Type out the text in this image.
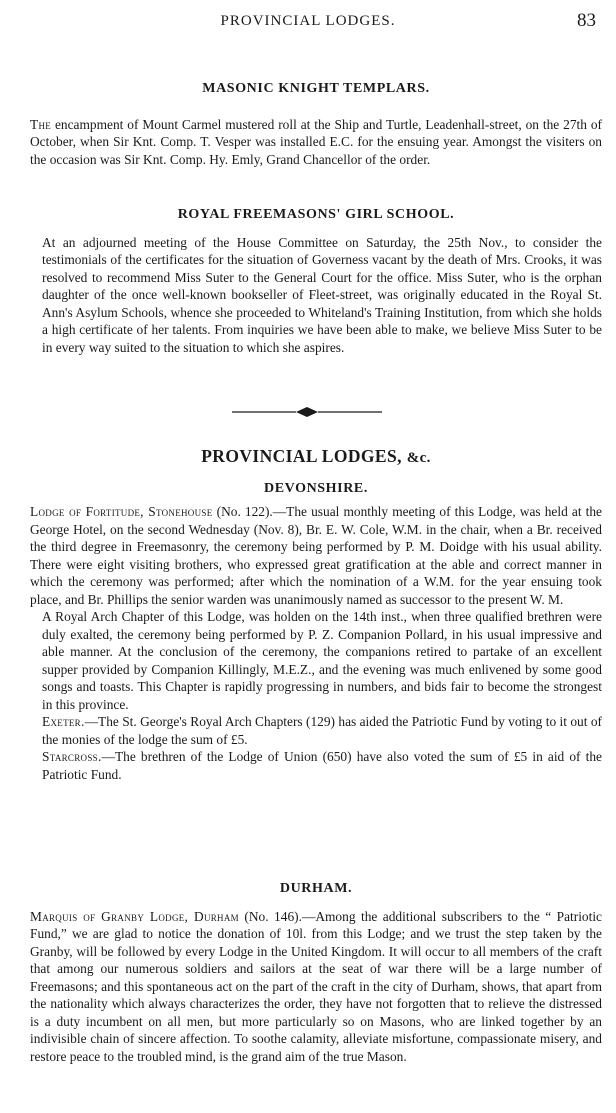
PROVINCIAL LODGES.	83
MASONIC KNIGHT TEMPLARS.

The encampment of Mount Carmel mustered roll at the Ship and Turtle, Leadenhall-street, on the 27th of October, when Sir Knt. Comp. T. Vesper was installed E.C. for the ensuing year. Amongst the visiters on the occasion was Sir Knt. Comp. Hy. Emly, Grand Chancellor of the order.

ROYAL FREEMASONS' GIRL SCHOOL.

At an adjourned meeting of the House Committee on Saturday, the 25th Nov., to consider the testimonials of the certificates for the situation of Governess vacant by the death of Mrs. Crooks, it was resolved to recommend Miss Suter to the General Court for the office. Miss Suter, who is the orphan daughter of the once well-known bookseller of Fleet-street, was originally educated in the Royal St. Ann's Asylum Schools, whence she proceeded to Whiteland's Training Institution, from which she holds a high certificate of her talents. From inquiries we have been able to make, we believe Miss Suter to be in every way suited to the situation to which she aspires.

PROVINCIAL LODGES, &c.
DEVONSHIRE.

Lodge of Fortitude, Stonehouse (No. 122).—The usual monthly meeting of this Lodge, was held at the George Hotel, on the second Wednesday (Nov. 8), Br. E. W. Cole, W.M. in the chair, when a Br. received the third degree in Freemasonry, the ceremony being performed by P. M. Doidge with his usual ability. There were eight visiting brothers, who expressed great gratification at the able and correct manner in which the ceremony was performed; after which the nomination of a W.M. for the year ensuing took place, and Br. Phillips the senior warden was unanimously named as successor to the present W. M.

A Royal Arch Chapter of this Lodge, was holden on the 14th inst., when three qualified brethren were duly exalted, the ceremony being performed by P. Z. Companion Pollard, in his usual impressive and able manner. At the conclusion of the ceremony, the companions retired to partake of an excellent supper provided by Companion Killingly, M.E.Z., and the evening was much enlivened by some good songs and toasts. This Chapter is rapidly progressing in numbers, and bids fair to become the strongest in this province.

Exeter.—The St. George's Royal Arch Chapters (129) has aided the Patriotic Fund by voting to it out of the monies of the lodge the sum of £5.

Starcross.—The brethren of the Lodge of Union (650) have also voted the sum of £5 in aid of the Patriotic Fund.

DURHAM.

Marquis of Granby Lodge, Durham (No. 146).—Among the additional subscribers to the “ Patriotic Fund,” we are glad to notice the donation of 10l. from this Lodge; and we trust the step taken by the Granby, will be followed by every Lodge in the United Kingdom. It will occur to all members of the craft that among our numerous soldiers and sailors at the seat of war there will be a large number of Freemasons; and this spontaneous act on the part of the craft in the city of Durham, shows, that apart from the nationality which always characterizes the order, they have not forgotten that to relieve the distressed is a duty incumbent on all men, but more particularly so on Masons, who are linked together by an indivisible chain of sincere affection. To soothe calamity, alleviate misfortune, compassionate misery, and restore peace to the troubled mind, is the grand aim of the true Mason.
